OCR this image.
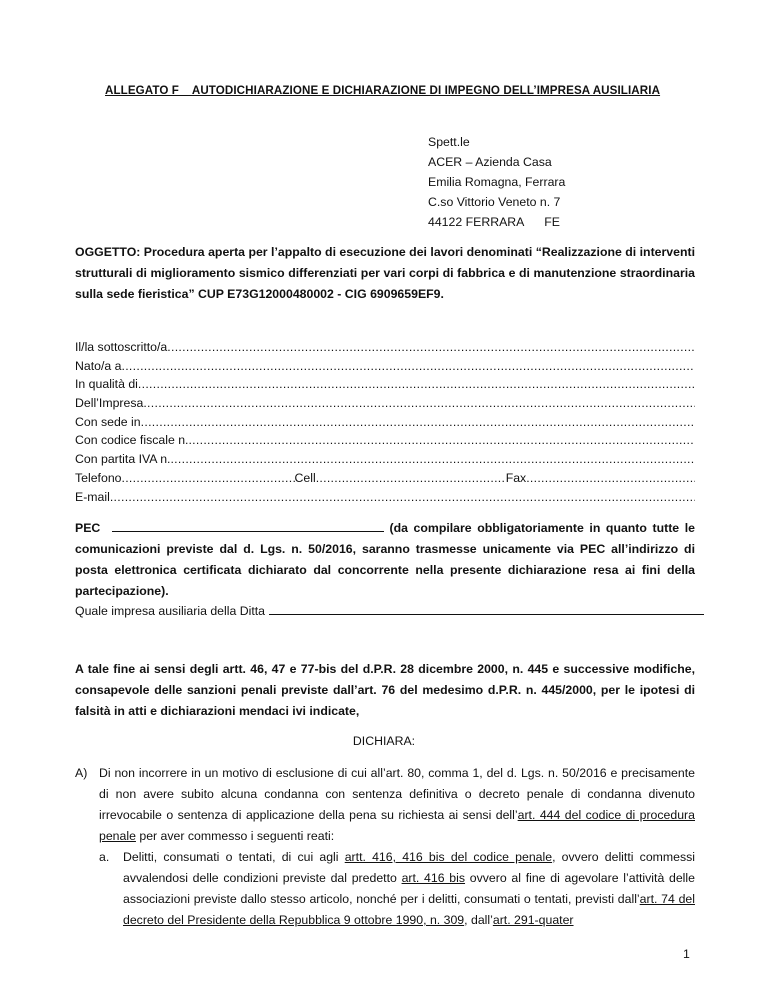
ALLEGATO F    AUTODICHIARAZIONE E DICHIARAZIONE DI IMPEGNO DELL’IMPRESA AUSILIARIA
Spett.le
ACER – Azienda Casa
Emilia Romagna, Ferrara
C.so Vittorio Veneto n. 7
44122 FERRARA      FE
OGGETTO: Procedura aperta per l’appalto di esecuzione dei lavori denominati “Realizzazione di interventi strutturali di miglioramento sismico differenziati per vari corpi di fabbrica e di manutenzione straordinaria sulla sede fieristica” CUP E73G12000480002 - CIG 6909659EF9.
Il/la sottoscritto/a
.....
Nato/a a
.....
In qualità di
.....
Dell’Impresa
.....
Con sede in
.....
Con codice fiscale n.
.....
Con partita IVA n.
.....
Telefono .....	Cell .....	Fax
.....
E-mail
.....
PEC	(da compilare obbligatoriamente in quanto tutte le comunicazioni previste dal d. Lgs. n. 50/2016, saranno trasmesse unicamente via PEC all’indirizzo di posta elettronica certificata dichiarato dal concorrente nella presente dichiarazione resa ai fini della partecipazione).
Quale impresa ausiliaria della Ditta
A tale fine ai sensi degli artt. 46, 47 e 77-bis del d.P.R. 28 dicembre 2000, n. 445 e successive modifiche, consapevole delle sanzioni penali previste dall’art. 76 del medesimo d.P.R. n. 445/2000, per le ipotesi di falsità in atti e dichiarazioni mendaci ivi indicate,
DICHIARA:
A) Di non incorrere in un motivo di esclusione di cui all’art. 80, comma 1, del d. Lgs. n. 50/2016 e precisamente di non avere subito alcuna condanna con sentenza definitiva o decreto penale di condanna divenuto irrevocabile o sentenza di applicazione della pena su richiesta ai sensi dell’art. 444 del codice di procedura penale per aver commesso i seguenti reati:
a.	Delitti, consumati o tentati, di cui agli artt. 416, 416 bis del codice penale, ovvero delitti commessi avvalendosi delle condizioni previste dal predetto art. 416 bis ovvero al fine di agevolare l’attività delle associazioni previste dallo stesso articolo, nonché per i delitti, consumati o tentati, previsti dall’art. 74 del decreto del Presidente della Repubblica 9 ottobre 1990, n. 309, dall’art. 291-quater
1
